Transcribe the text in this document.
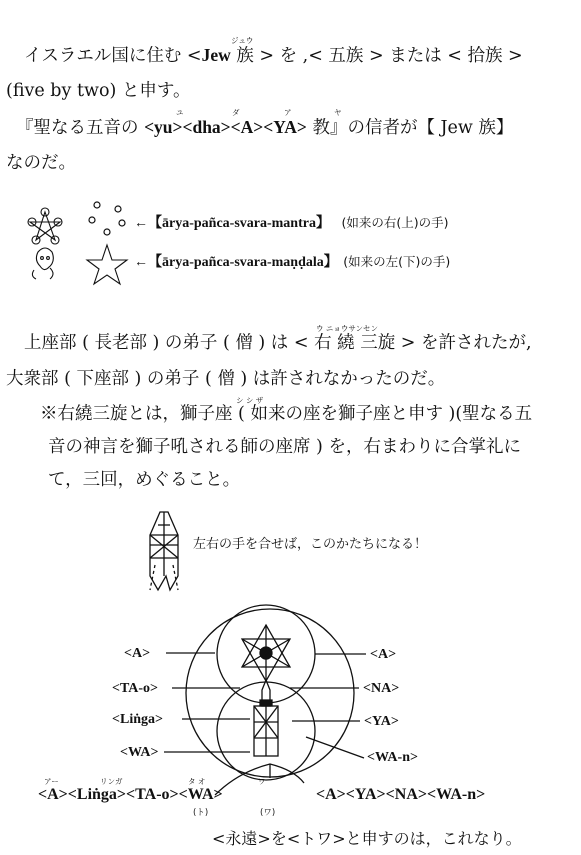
ジュウ
イスラエル国に住む <Jew 族 > を ,< 五族 > または < 拾族 >
(five by two) と申す。
ユ	ダ	ア	ヤ
『聖なる五音の <yu><dha><A><YA> 教』の信者が【 Jew 族】
なのだ。
←【ārya-pañca-svara-mantra】 (如来の右(上)の手)
←【ārya-pañca-svara-maṇḍala】 (如来の左(下)の手)
ウ ニョウサンセン
上座部 ( 長老部 ) の弟子 ( 僧 ) は < 右 繞 三旋 > を許されたが,
大衆部 ( 下座部 ) の弟子 ( 僧 ) は許されなかったのだ。
シ シ ザ
※右繞三旋とは，獅子座 ( 如来の座を獅子座と申す )(聖なる五
音の神言を獅子吼される師の座席 ) を，右まわりに合掌礼に
て，三回，めぐること。
左右の手を合せば，このかたちになる！
<A>
<TA-o>
<Liṅga>
<WA>
<A>
<NA>
<YA>
<WA-n>
アー	リンガ	タ オ	ワ
<A><Liṅga><TA-o><WA>	<A><YA><NA><WA-n>
(ト)	(ワ)
<永遠>を<トワ>と申すのは，これなり。
